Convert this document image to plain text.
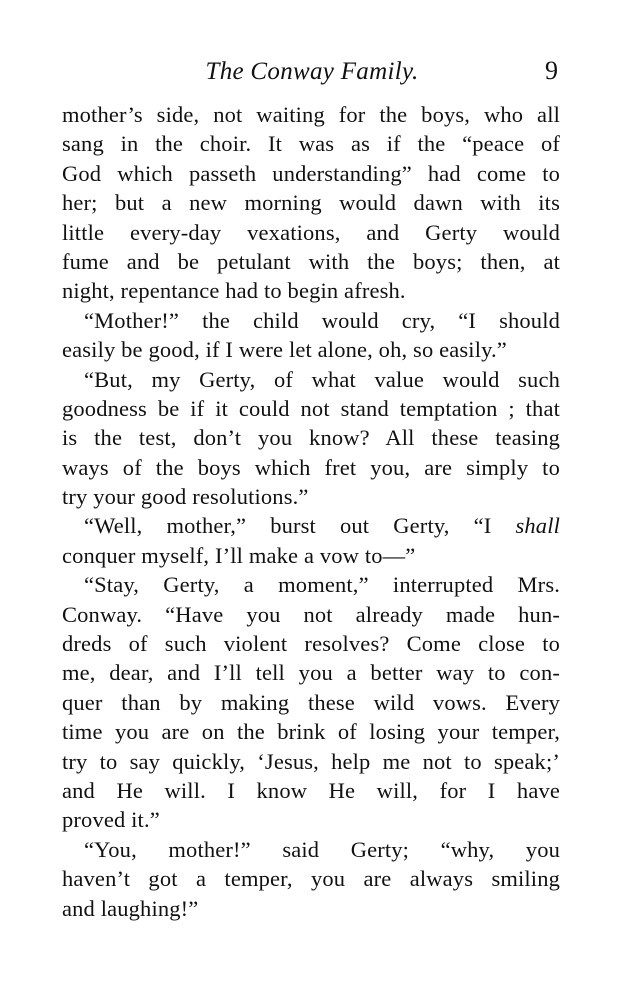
The Conway Family.	9
mother’s side, not waiting for the boys, who all
sang in the choir. It was as if the “peace of
God which passeth understanding” had come to
her; but a new morning would dawn with its
little every-day vexations, and Gerty would
fume and be petulant with the boys; then, at
night, repentance had to begin afresh.
“Mother!” the child would cry, “I should
easily be good, if I were let alone, oh, so easily.”
“But, my Gerty, of what value would such
goodness be if it could not stand temptation ; that
is the test, don’t you know? All these teasing
ways of the boys which fret you, are simply to
try your good resolutions.”
“Well, mother,” burst out Gerty, “I shall
conquer myself, I’ll make a vow to—”
“Stay, Gerty, a moment,” interrupted Mrs.
Conway. “Have you not already made hun-
dreds of such violent resolves? Come close to
me, dear, and I’ll tell you a better way to con-
quer than by making these wild vows. Every
time you are on the brink of losing your temper,
try to say quickly, ‘Jesus, help me not to speak;’
and He will. I know He will, for I have
proved it.”
“You, mother!” said Gerty; “why, you
haven’t got a temper, you are always smiling
and laughing!”
